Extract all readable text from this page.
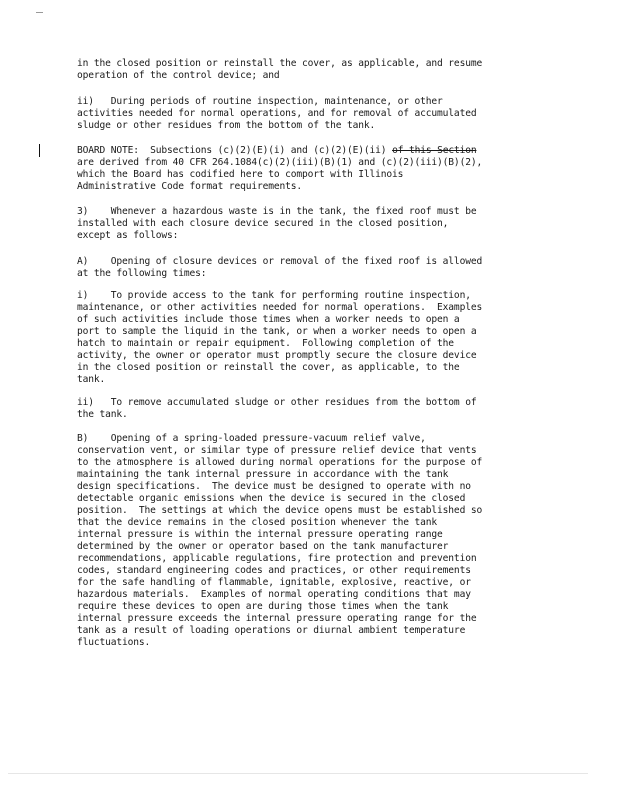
in the closed position or reinstall the cover, as applicable, and resume
operation of the control device; and
ii)   During periods of routine inspection, maintenance, or other
activities needed for normal operations, and for removal of accumulated
sludge or other residues from the bottom of the tank.
BOARD NOTE:  Subsections (c)(2)(E)(i) and (c)(2)(E)(ii) of this Section
are derived from 40 CFR 264.1084(c)(2)(iii)(B)(1) and (c)(2)(iii)(B)(2),
which the Board has codified here to comport with Illinois
Administrative Code format requirements.
3)    Whenever a hazardous waste is in the tank, the fixed roof must be
installed with each closure device secured in the closed position,
except as follows:
A)    Opening of closure devices or removal of the fixed roof is allowed
at the following times:
i)    To provide access to the tank for performing routine inspection,
maintenance, or other activities needed for normal operations.  Examples
of such activities include those times when a worker needs to open a
port to sample the liquid in the tank, or when a worker needs to open a
hatch to maintain or repair equipment.  Following completion of the
activity, the owner or operator must promptly secure the closure device
in the closed position or reinstall the cover, as applicable, to the
tank.
ii)   To remove accumulated sludge or other residues from the bottom of
the tank.
B)    Opening of a spring-loaded pressure-vacuum relief valve,
conservation vent, or similar type of pressure relief device that vents
to the atmosphere is allowed during normal operations for the purpose of
maintaining the tank internal pressure in accordance with the tank
design specifications.  The device must be designed to operate with no
detectable organic emissions when the device is secured in the closed
position.  The settings at which the device opens must be established so
that the device remains in the closed position whenever the tank
internal pressure is within the internal pressure operating range
determined by the owner or operator based on the tank manufacturer
recommendations, applicable regulations, fire protection and prevention
codes, standard engineering codes and practices, or other requirements
for the safe handling of flammable, ignitable, explosive, reactive, or
hazardous materials.  Examples of normal operating conditions that may
require these devices to open are during those times when the tank
internal pressure exceeds the internal pressure operating range for the
tank as a result of loading operations or diurnal ambient temperature
fluctuations.
